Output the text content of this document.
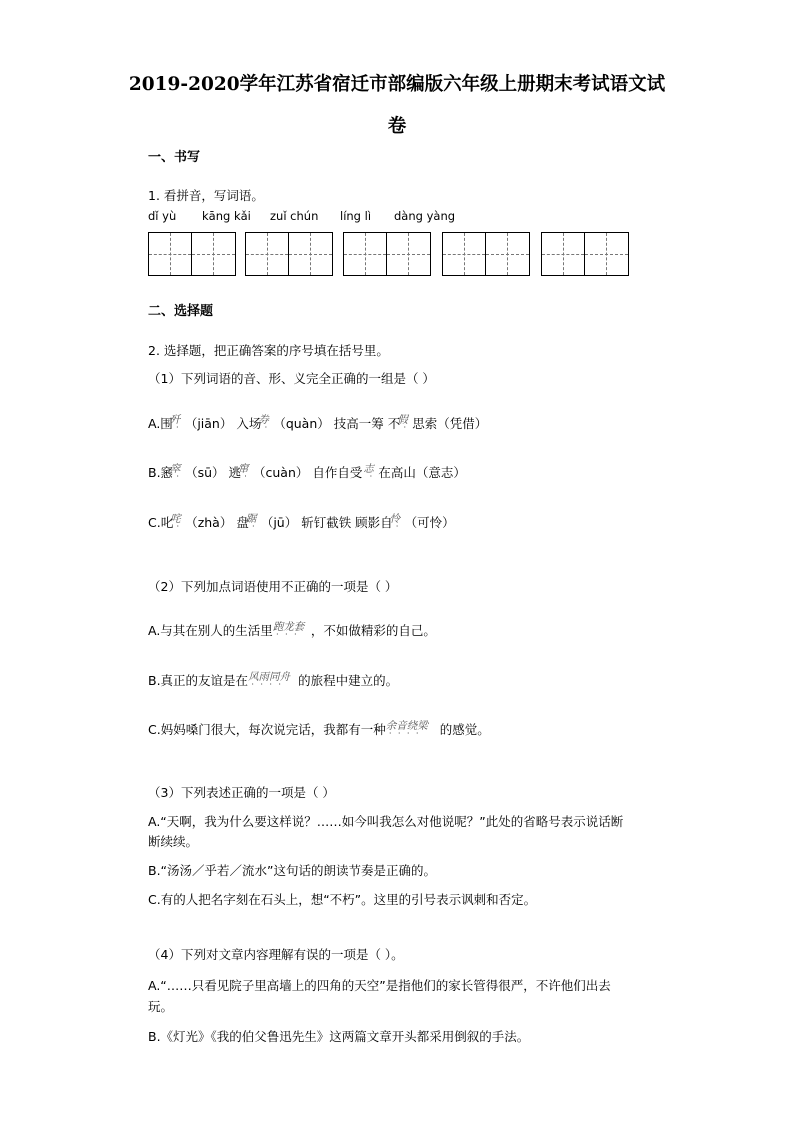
2019-2020学年江苏省宿迁市部编版六年级上册期末考试语文试
卷
一、书写
1. 看拼音，写词语。
dǐ yù kāng kǎi zuǐ chún líng lì dàng yàng
二、选择题
2. 选择题，把正确答案的序号填在括号里。
（1）下列词语的音、形、义完全正确的一组是（ ）
A.围
歼
˙
（jiān） 入场
券
˙
（quàn） 技高一筹 不
假
˙
思索（凭借）
B.窸
窣
˙
（sū） 逃
窜
˙
（cuàn） 自作自受
志
˙
在高山（意志）
C.叱
咤
˙
（zhà） 盘
踞
˙
（jū） 斩钉截铁 顾影自
怜
˙
（可怜）
（2）下列加点词语使用不正确的一项是（ ）
A.与其在别人的生活里 跑龙套
˙˙˙
，不如做精彩的自己。
B.真正的友谊是在 风雨同舟
˙˙˙˙
的旅程中建立的。
C.妈妈嗓门很大，每次说完话，我都有一种 余音绕梁
˙˙˙˙
的感觉。
（3）下列表述正确的一项是（ ）
A.“天啊，我为什么要这样说？……如今叫我怎么对他说呢？”此处的省略号表示说话断
断续续。
B.“汤汤／乎若／流水”这句话的朗读节奏是正确的。
C.有的人把名字刻在石头上，想“不朽”。这里的引号表示讽刺和否定。
（4）下列对文章内容理解有误的一项是（ ）。
A.“……只看见院子里高墙上的四角的天空”是指他们的家长管得很严，不许他们出去
玩。
B.《灯光》《我的伯父鲁迅先生》这两篇文章开头都采用倒叙的手法。
